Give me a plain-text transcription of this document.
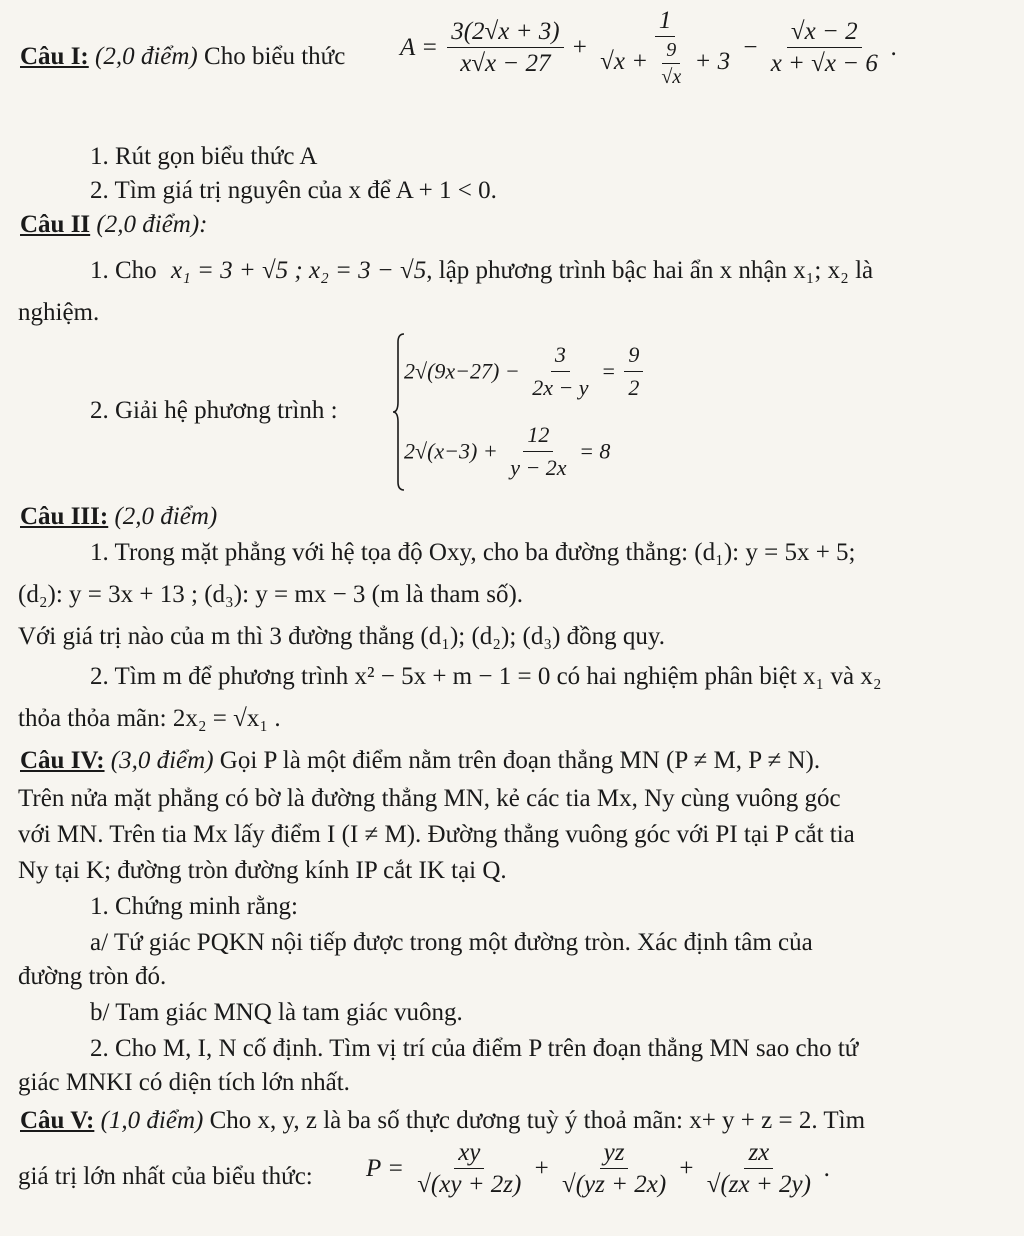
Câu I: (2,0 điểm) Cho biểu thức $A = \frac{3(2√x + 3)}{x√x - 27} + \frac{1}{√x + \frac{9}{√x} + 3} - \frac{√x - 2}{x + √x - 6}$ .
1. Rút gọn biểu thức A
2. Tìm giá trị nguyên của x để A + 1 < 0.
Câu II (2,0 điểm):
1. Cho x₁ = 3 + √5 ; x₂ = 3 − √5, lập phương trình bậc hai ẩn x nhận x₁; x₂ là
nghiệm.
2. Giải hệ phương trình :
$2√(9x-27) - \frac{3}{2x - y} = \frac{9}{2}$
$2√(x-3) + \frac{12}{y - 2x} = 8$
Câu III: (2,0 điểm)
1. Trong mặt phẳng với hệ tọa độ Oxy, cho ba đường thẳng: (d₁): y = 5x + 5;
(d₂): y = 3x + 13 ; (d₃): y = mx − 3 (m là tham số).
Với giá trị nào của m thì 3 đường thẳng (d₁); (d₂); (d₃) đồng quy.
2. Tìm m để phương trình x² − 5x + m − 1 = 0 có hai nghiệm phân biệt x₁ và x₂
thỏa thỏa mãn: 2x₂ = √x₁ .
Câu IV: (3,0 điểm) Gọi P là một điểm nằm trên đoạn thẳng MN (P ≠ M, P ≠ N).
Trên nửa mặt phẳng có bờ là đường thẳng MN, kẻ các tia Mx, Ny cùng vuông góc
với MN. Trên tia Mx lấy điểm I (I ≠ M). Đường thẳng vuông góc với PI tại P cắt tia
Ny tại K; đường tròn đường kính IP cắt IK tại Q.
1. Chứng minh rằng:
a/ Tứ giác PQKN nội tiếp được trong một đường tròn. Xác định tâm của
đường tròn đó.
b/ Tam giác MNQ là tam giác vuông.
2. Cho M, I, N cố định. Tìm vị trí của điểm P trên đoạn thẳng MN sao cho tứ
giác MNKI có diện tích lớn nhất.
Câu V: (1,0 điểm) Cho x, y, z là ba số thực dương tuỳ ý thoả mãn: x+ y + z = 2. Tìm
giá trị lớn nhất của biểu thức: $P = \frac{xy}{√(xy + 2z)} + \frac{yz}{√(yz + 2x)} + \frac{zx}{√(zx + 2y)}$ .
